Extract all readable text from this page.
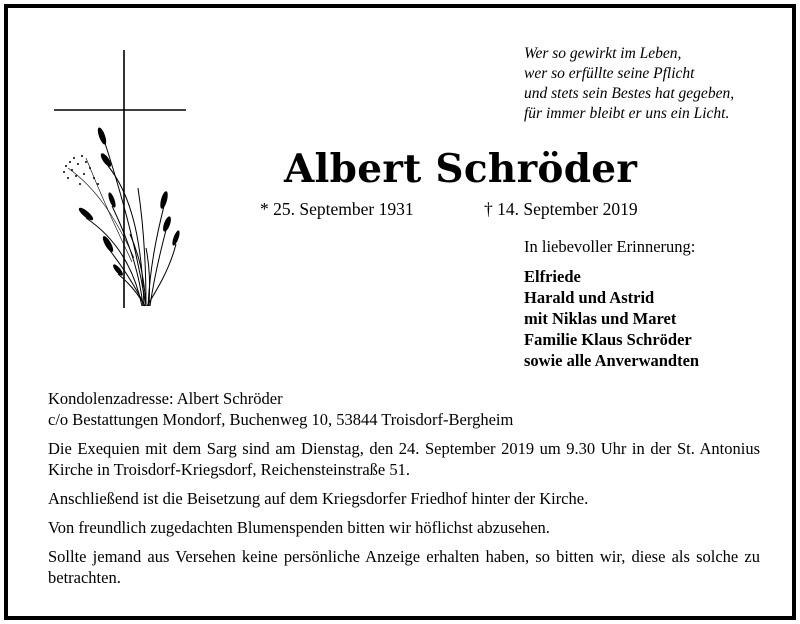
Wer so gewirkt im Leben,
wer so erfüllte seine Pflicht
und stets sein Bestes hat gegeben,
für immer bleibt er uns ein Licht.
Albert Schröder
* 25. September 1931	† 14. September 2019
In liebevoller Erinnerung:
Elfriede
Harald und Astrid
mit Niklas und Maret
Familie Klaus Schröder
sowie alle Anverwandten

Kondolenzadresse: Albert Schröder
c/o Bestattungen Mondorf, Buchenweg 10, 53844 Troisdorf-Bergheim

Die Exequien mit dem Sarg sind am Dienstag, den 24. September 2019 um 9.30 Uhr in der St. Antonius Kirche in Troisdorf-Kriegsdorf, Reichensteinstraße 51.

Anschließend ist die Beisetzung auf dem Kriegsdorfer Friedhof hinter der Kirche.

Von freundlich zugedachten Blumenspenden bitten wir höflichst abzusehen.

Sollte jemand aus Versehen keine persönliche Anzeige erhalten haben, so bitten wir, diese als solche zu betrachten.
